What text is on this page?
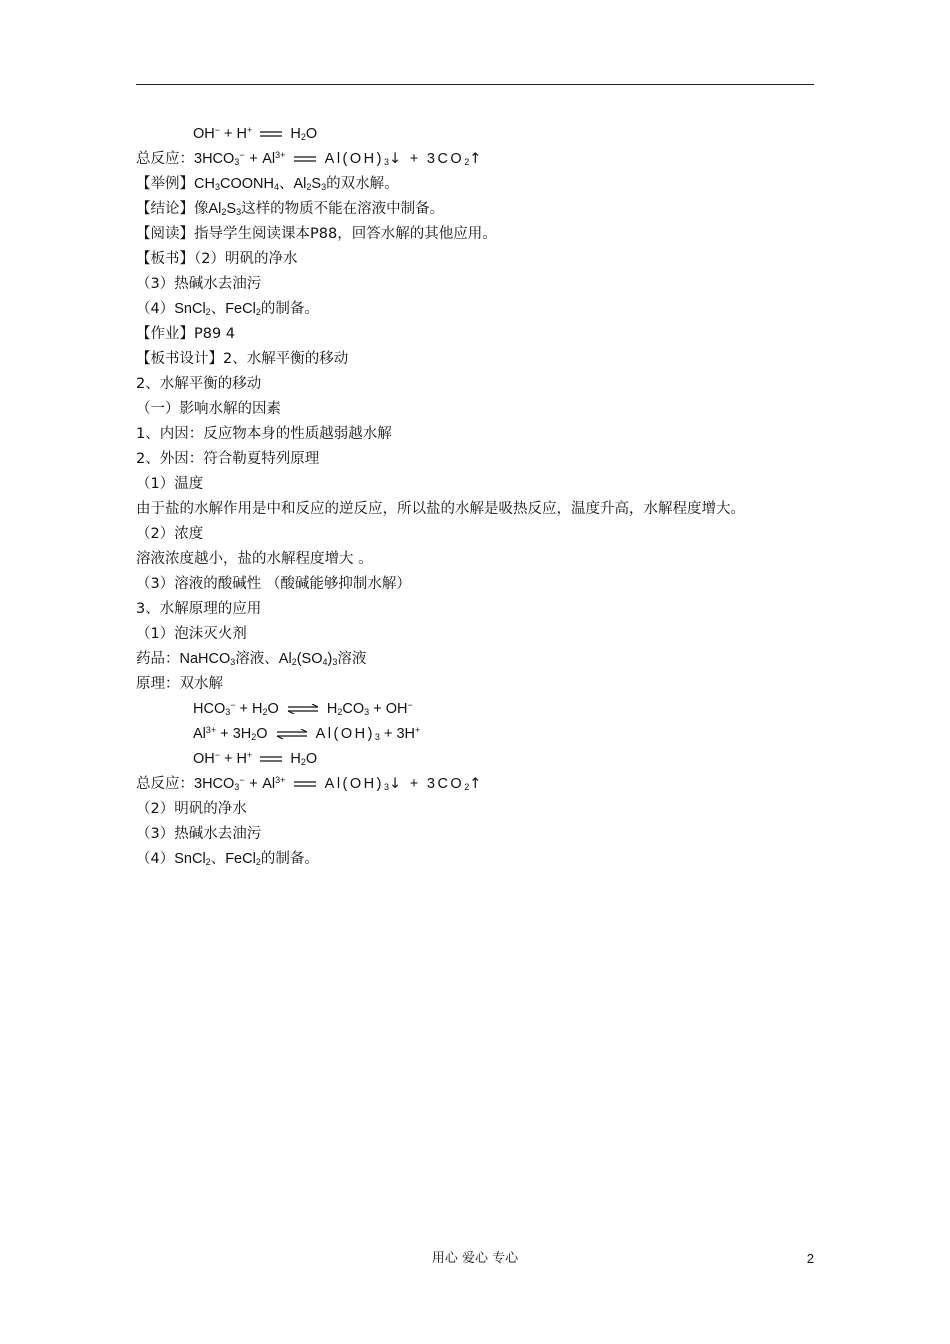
OH− + H+	$H_2O$
总反应：$3HCO_3^- + Al^{3+}$	$Al(OH)_3↓$ + $3CO_2↑$
【举例】$CH_3COONH_4$、$Al_2S_3$的双水解。
【结论】像$Al_2S_3$这样的物质不能在溶液中制备。
【阅读】指导学生阅读课本P88，回答水解的其他应用。
【板书】（2）明矾的净水
（3）热碱水去油污
（4）SnCl$_2$、FeCl$_2$的制备。
【作业】P89 4
【板书设计】2、水解平衡的移动
2、水解平衡的移动
（一）影响水解的因素
1、内因：反应物本身的性质越弱越水解
2、外因：符合勒夏特列原理
（1）温度
由于盐的水解作用是中和反应的逆反应，所以盐的水解是吸热反应，温度升高，水解程度增大。
（2）浓度
溶液浓度越小，盐的水解程度增大 。
（3）溶液的酸碱性 （酸碱能够抑制水解）
3、水解原理的应用
（1）泡沫灭火剂
药品：NaHCO$_3$溶液、$Al_2(SO_4)_3$溶液
原理：双水解
$HCO_3^- + H_2O$ ⇌ $H_2CO_3 + OH^-$
$Al^{3+} + 3H_2O$ ⇌ $Al(OH)_3 + 3H^+$
OH− + H+	$H_2O$
总反应：$3HCO_3^- + Al^{3+}$	$Al(OH)_3↓$ + $3CO_2↑$
（2）明矾的净水
（3）热碱水去油污
（4）SnCl$_2$、FeCl$_2$的制备。
用心 爱心 专心	2
